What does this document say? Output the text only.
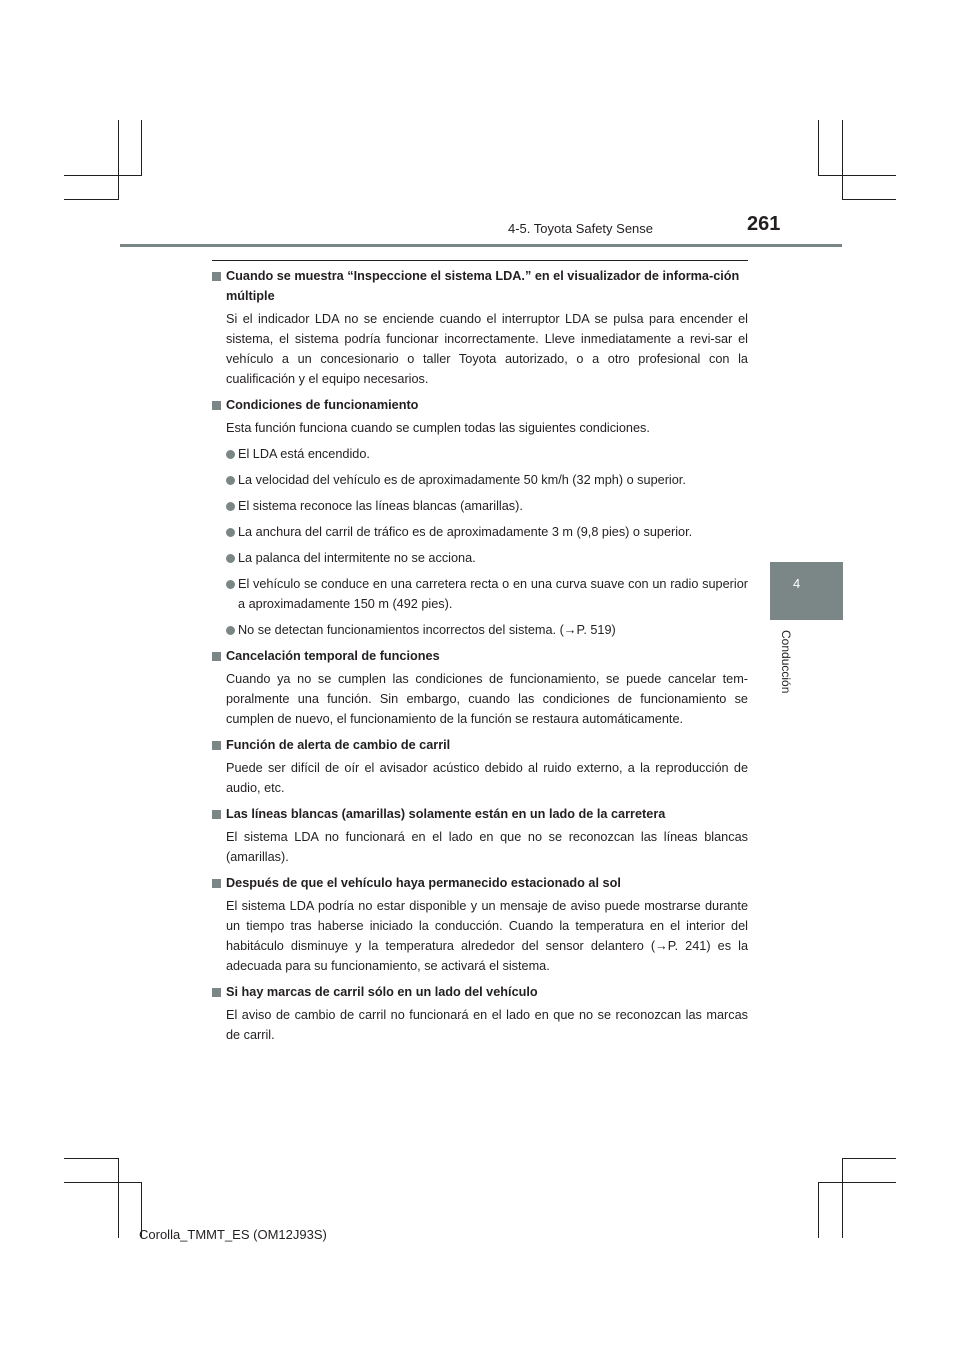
4-5. Toyota Safety Sense	261
4
Conducción
Cuando se muestra “Inspeccione el sistema LDA.” en el visualizador de informa-ción múltiple
Si el indicador LDA no se enciende cuando el interruptor LDA se pulsa para encender el sistema, el sistema podría funcionar incorrectamente. Lleve inmediatamente a revi-sar el vehículo a un concesionario o taller Toyota autorizado, o a otro profesional con la cualificación y el equipo necesarios.
Condiciones de funcionamiento
Esta función funciona cuando se cumplen todas las siguientes condiciones.
El LDA está encendido.
La velocidad del vehículo es de aproximadamente 50 km/h (32 mph) o superior.
El sistema reconoce las líneas blancas (amarillas).
La anchura del carril de tráfico es de aproximadamente 3 m (9,8 pies) o superior.
La palanca del intermitente no se acciona.
El vehículo se conduce en una carretera recta o en una curva suave con un radio superior a aproximadamente 150 m (492 pies).
No se detectan funcionamientos incorrectos del sistema. (→P. 519)
Cancelación temporal de funciones
Cuando ya no se cumplen las condiciones de funcionamiento, se puede cancelar tem-poralmente una función. Sin embargo, cuando las condiciones de funcionamiento se cumplen de nuevo, el funcionamiento de la función se restaura automáticamente.
Función de alerta de cambio de carril
Puede ser difícil de oír el avisador acústico debido al ruido externo, a la reproducción de audio, etc.
Las líneas blancas (amarillas) solamente están en un lado de la carretera
El sistema LDA no funcionará en el lado en que no se reconozcan las líneas blancas (amarillas).
Después de que el vehículo haya permanecido estacionado al sol
El sistema LDA podría no estar disponible y un mensaje de aviso puede mostrarse durante un tiempo tras haberse iniciado la conducción. Cuando la temperatura en el interior del habitáculo disminuye y la temperatura alrededor del sensor delantero (→P. 241) es la adecuada para su funcionamiento, se activará el sistema.
Si hay marcas de carril sólo en un lado del vehículo
El aviso de cambio de carril no funcionará en el lado en que no se reconozcan las marcas de carril.
Corolla_TMMT_ES (OM12J93S)
